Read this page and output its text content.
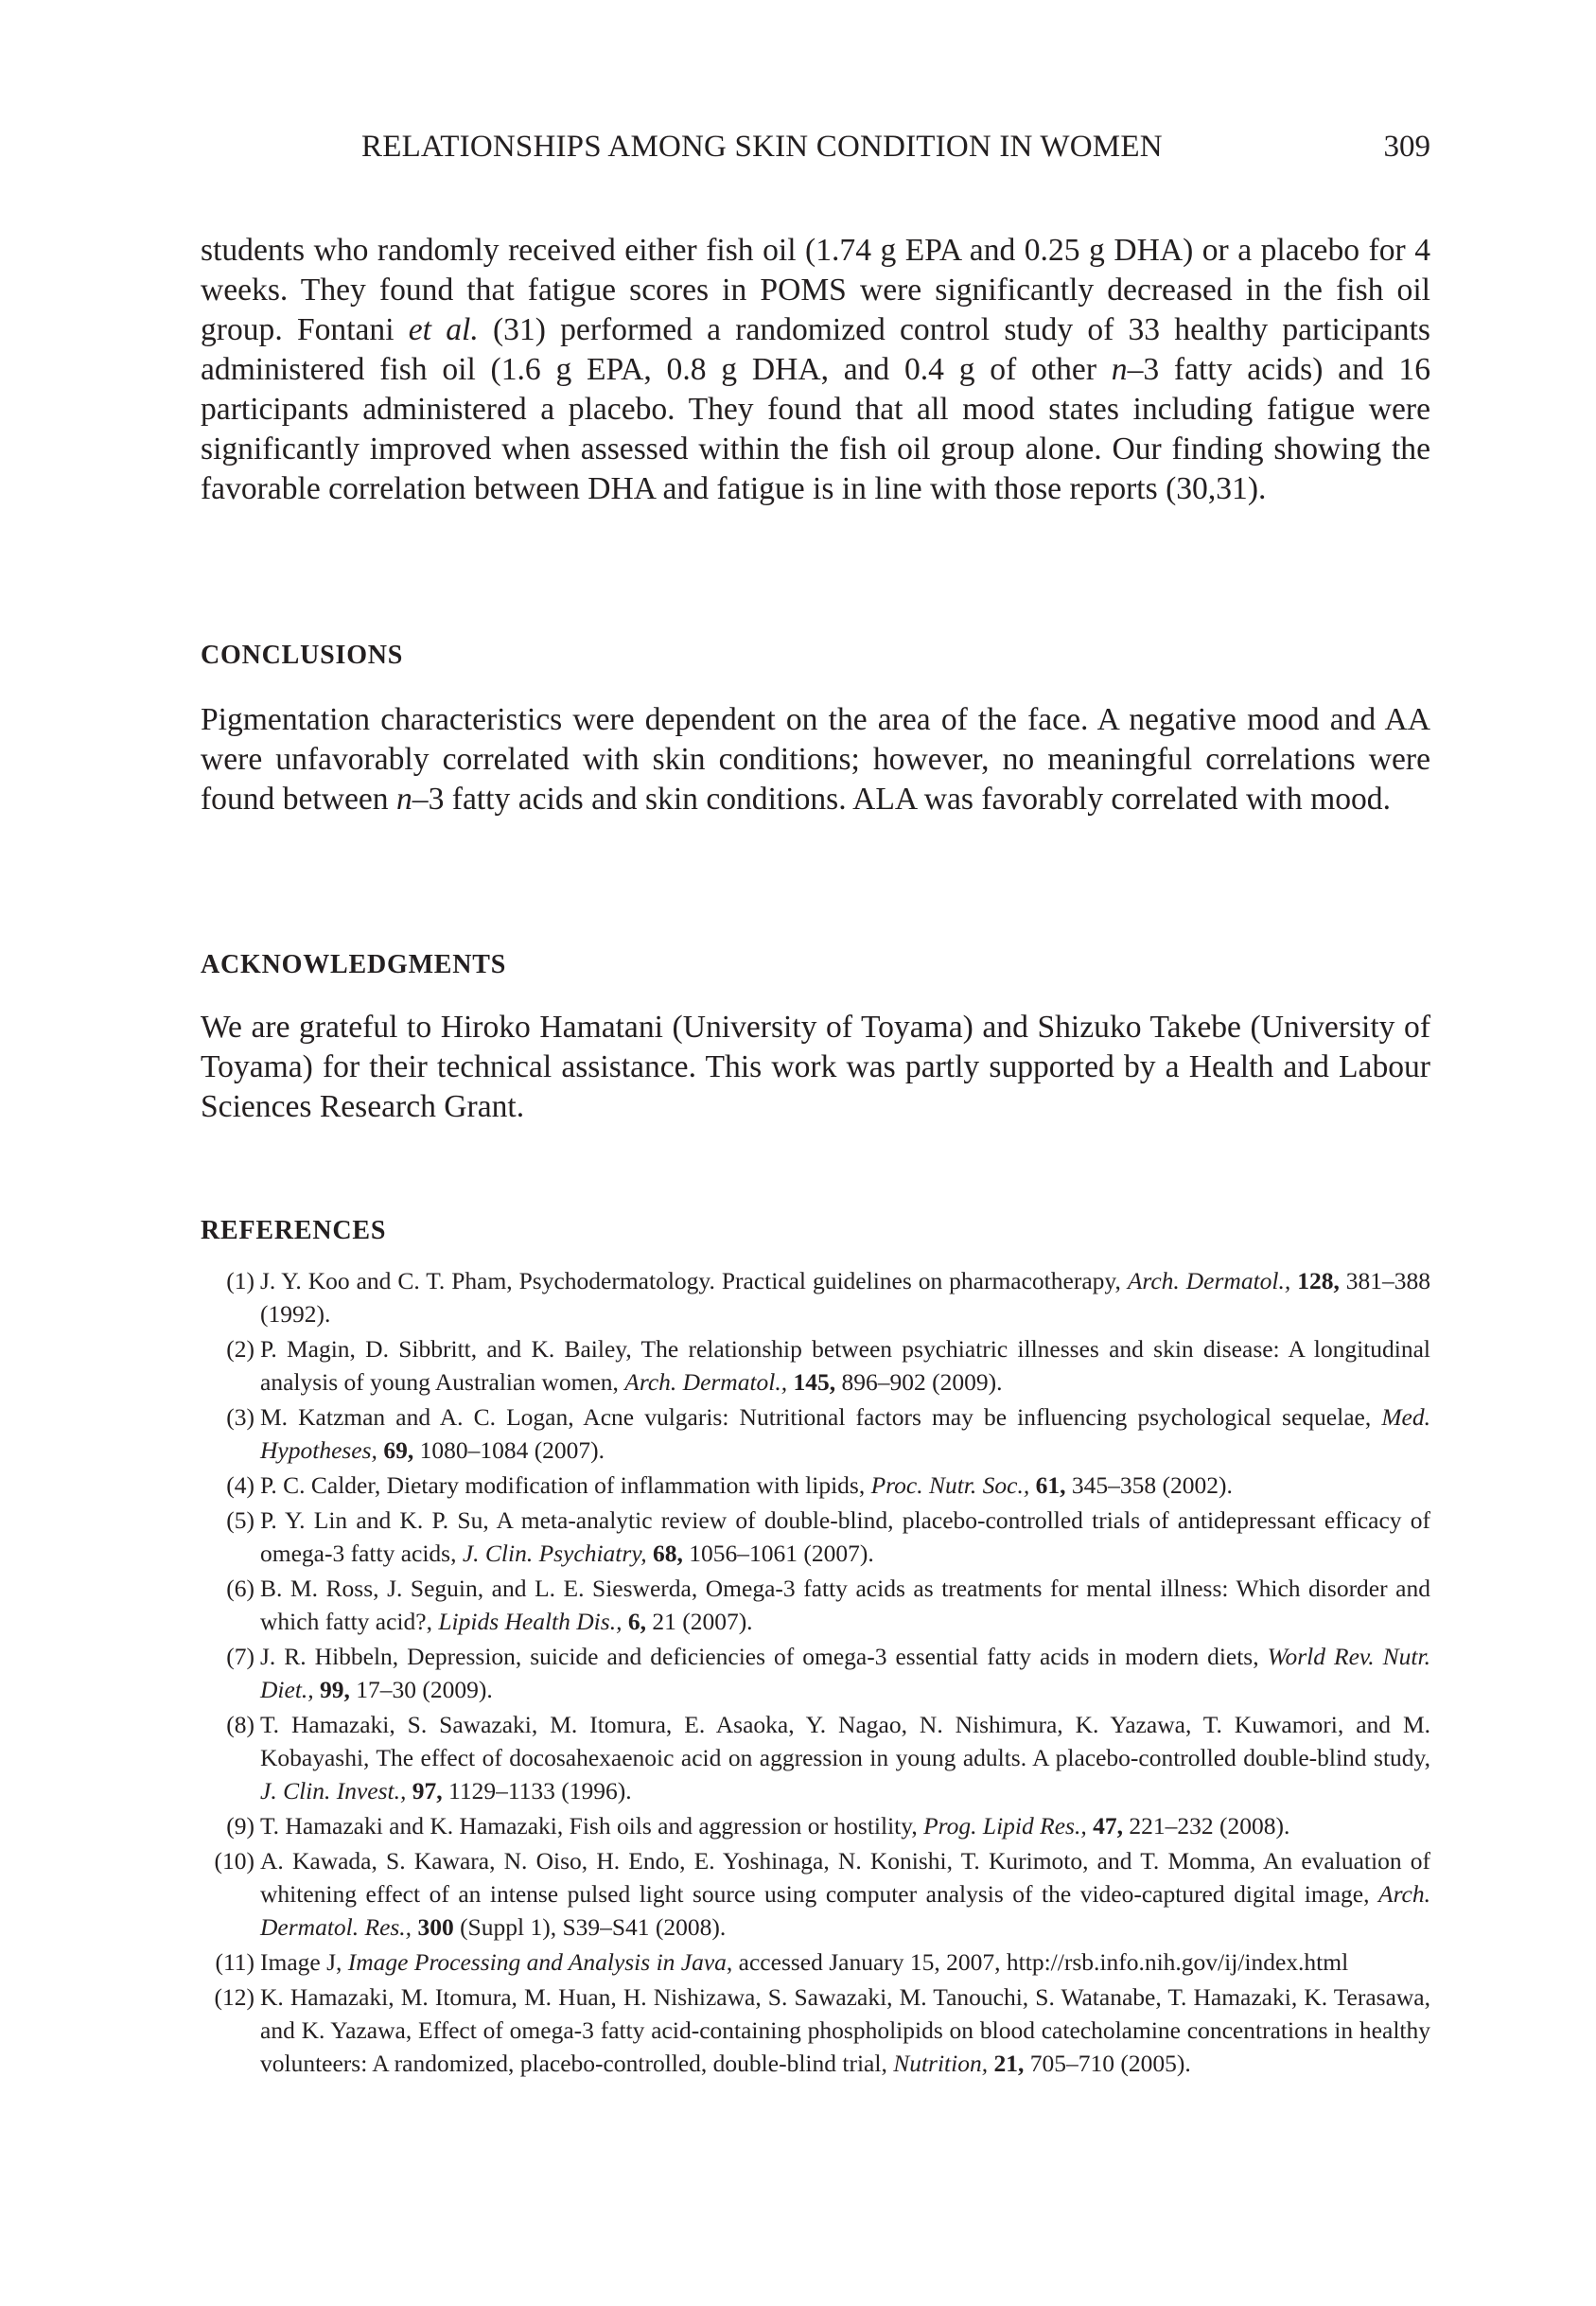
RELATIONSHIPS AMONG SKIN CONDITION IN WOMEN	309

students who randomly received either fish oil (1.74 g EPA and 0.25 g DHA) or a placebo for 4 weeks. They found that fatigue scores in POMS were significantly decreased in the fish oil group. Fontani et al. (31) performed a randomized control study of 33 healthy participants administered fish oil (1.6 g EPA, 0.8 g DHA, and 0.4 g of other n–3 fatty acids) and 16 participants administered a placebo. They found that all mood states including fatigue were significantly improved when assessed within the fish oil group alone. Our finding showing the favorable correlation between DHA and fatigue is in line with those reports (30,31).

CONCLUSIONS

Pigmentation characteristics were dependent on the area of the face. A negative mood and AA were unfavorably correlated with skin conditions; however, no meaningful correlations were found between n–3 fatty acids and skin conditions. ALA was favorably correlated with mood.

ACKNOWLEDGMENTS

We are grateful to Hiroko Hamatani (University of Toyama) and Shizuko Takebe (University of Toyama) for their technical assistance. This work was partly supported by a Health and Labour Sciences Research Grant.

REFERENCES
(1) J. Y. Koo and C. T. Pham, Psychodermatology. Practical guidelines on pharmacotherapy, Arch. Dermatol., 128, 381–388 (1992).
(2) P. Magin, D. Sibbritt, and K. Bailey, The relationship between psychiatric illnesses and skin disease: A longitudinal analysis of young Australian women, Arch. Dermatol., 145, 896–902 (2009).
(3) M. Katzman and A. C. Logan, Acne vulgaris: Nutritional factors may be influencing psychological sequelae, Med. Hypotheses, 69, 1080–1084 (2007).
(4) P. C. Calder, Dietary modification of inflammation with lipids, Proc. Nutr. Soc., 61, 345–358 (2002).
(5) P. Y. Lin and K. P. Su, A meta-analytic review of double-blind, placebo-controlled trials of antidepressant efficacy of omega-3 fatty acids, J. Clin. Psychiatry, 68, 1056–1061 (2007).
(6) B. M. Ross, J. Seguin, and L. E. Sieswerda, Omega-3 fatty acids as treatments for mental illness: Which disorder and which fatty acid?, Lipids Health Dis., 6, 21 (2007).
(7) J. R. Hibbeln, Depression, suicide and deficiencies of omega-3 essential fatty acids in modern diets, World Rev. Nutr. Diet., 99, 17–30 (2009).
(8) T. Hamazaki, S. Sawazaki, M. Itomura, E. Asaoka, Y. Nagao, N. Nishimura, K. Yazawa, T. Kuwamori, and M. Kobayashi, The effect of docosahexaenoic acid on aggression in young adults. A placebo-controlled double-blind study, J. Clin. Invest., 97, 1129–1133 (1996).
(9) T. Hamazaki and K. Hamazaki, Fish oils and aggression or hostility, Prog. Lipid Res., 47, 221–232 (2008).
(10) A. Kawada, S. Kawara, N. Oiso, H. Endo, E. Yoshinaga, N. Konishi, T. Kurimoto, and T. Momma, An evaluation of whitening effect of an intense pulsed light source using computer analysis of the video-captured digital image, Arch. Dermatol. Res., 300 (Suppl 1), S39–S41 (2008).
(11) Image J, Image Processing and Analysis in Java, accessed January 15, 2007, http://rsb.info.nih.gov/ij/index.html
(12) K. Hamazaki, M. Itomura, M. Huan, H. Nishizawa, S. Sawazaki, M. Tanouchi, S. Watanabe, T. Hamazaki, K. Terasawa, and K. Yazawa, Effect of omega-3 fatty acid-containing phospholipids on blood catecholamine concentrations in healthy volunteers: A randomized, placebo-controlled, double-blind trial, Nutrition, 21, 705–710 (2005).
